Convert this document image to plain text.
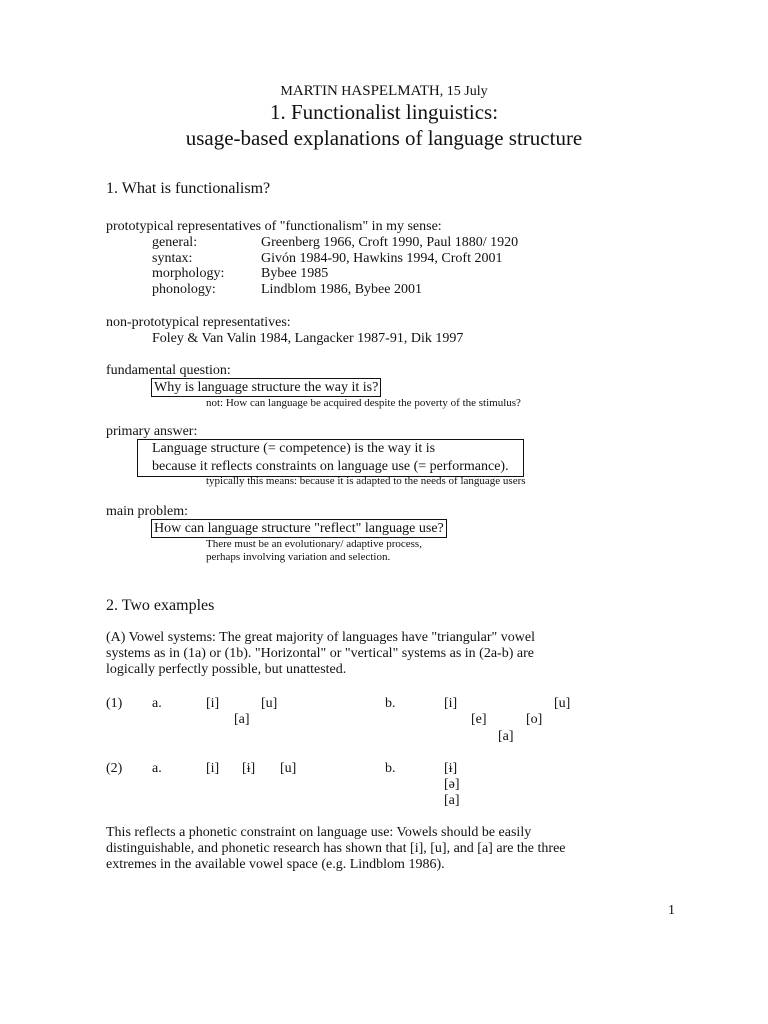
MARTIN HASPELMATH, 15 July
1. Functionalist linguistics:
usage-based explanations of language structure
1. What is functionalism?
prototypical representatives of "functionalism" in my sense:
general:	Greenberg 1966, Croft 1990, Paul 1880/ 1920
syntax:	Givón 1984-90, Hawkins 1994, Croft 2001
morphology:	Bybee 1985
phonology:	Lindblom 1986, Bybee 2001
non-prototypical representatives:
Foley & Van Valin 1984, Langacker 1987-91, Dik 1997
fundamental question:
Why is language structure the way it is?
not: How can language be acquired despite the poverty of the stimulus?
primary answer:
Language structure (= competence) is the way it is
because it reflects constraints on language use (= performance).
typically this means: because it is adapted to the needs of language users
main problem:
How can language structure "reflect" language use?
There must be an evolutionary/ adaptive process,
perhaps involving variation and selection.
2. Two examples
(A) Vowel systems: The great majority of languages have "triangular" vowel
systems as in (1a) or (1b). "Horizontal" or "vertical" systems as in (2a-b) are
logically perfectly possible, but unattested.
(1) a.	[i]	[u]
[a]
b.	[i]	[u]
[e]	[o]
[a]
(2) a.	[i] [ɨ] [u]	b.	[ɨ]
[ə]
[a]
This reflects a phonetic constraint on language use: Vowels should be easily
distinguishable, and phonetic research has shown that [i], [u], and [a] are the three
extremes in the available vowel space (e.g. Lindblom 1986).
1
